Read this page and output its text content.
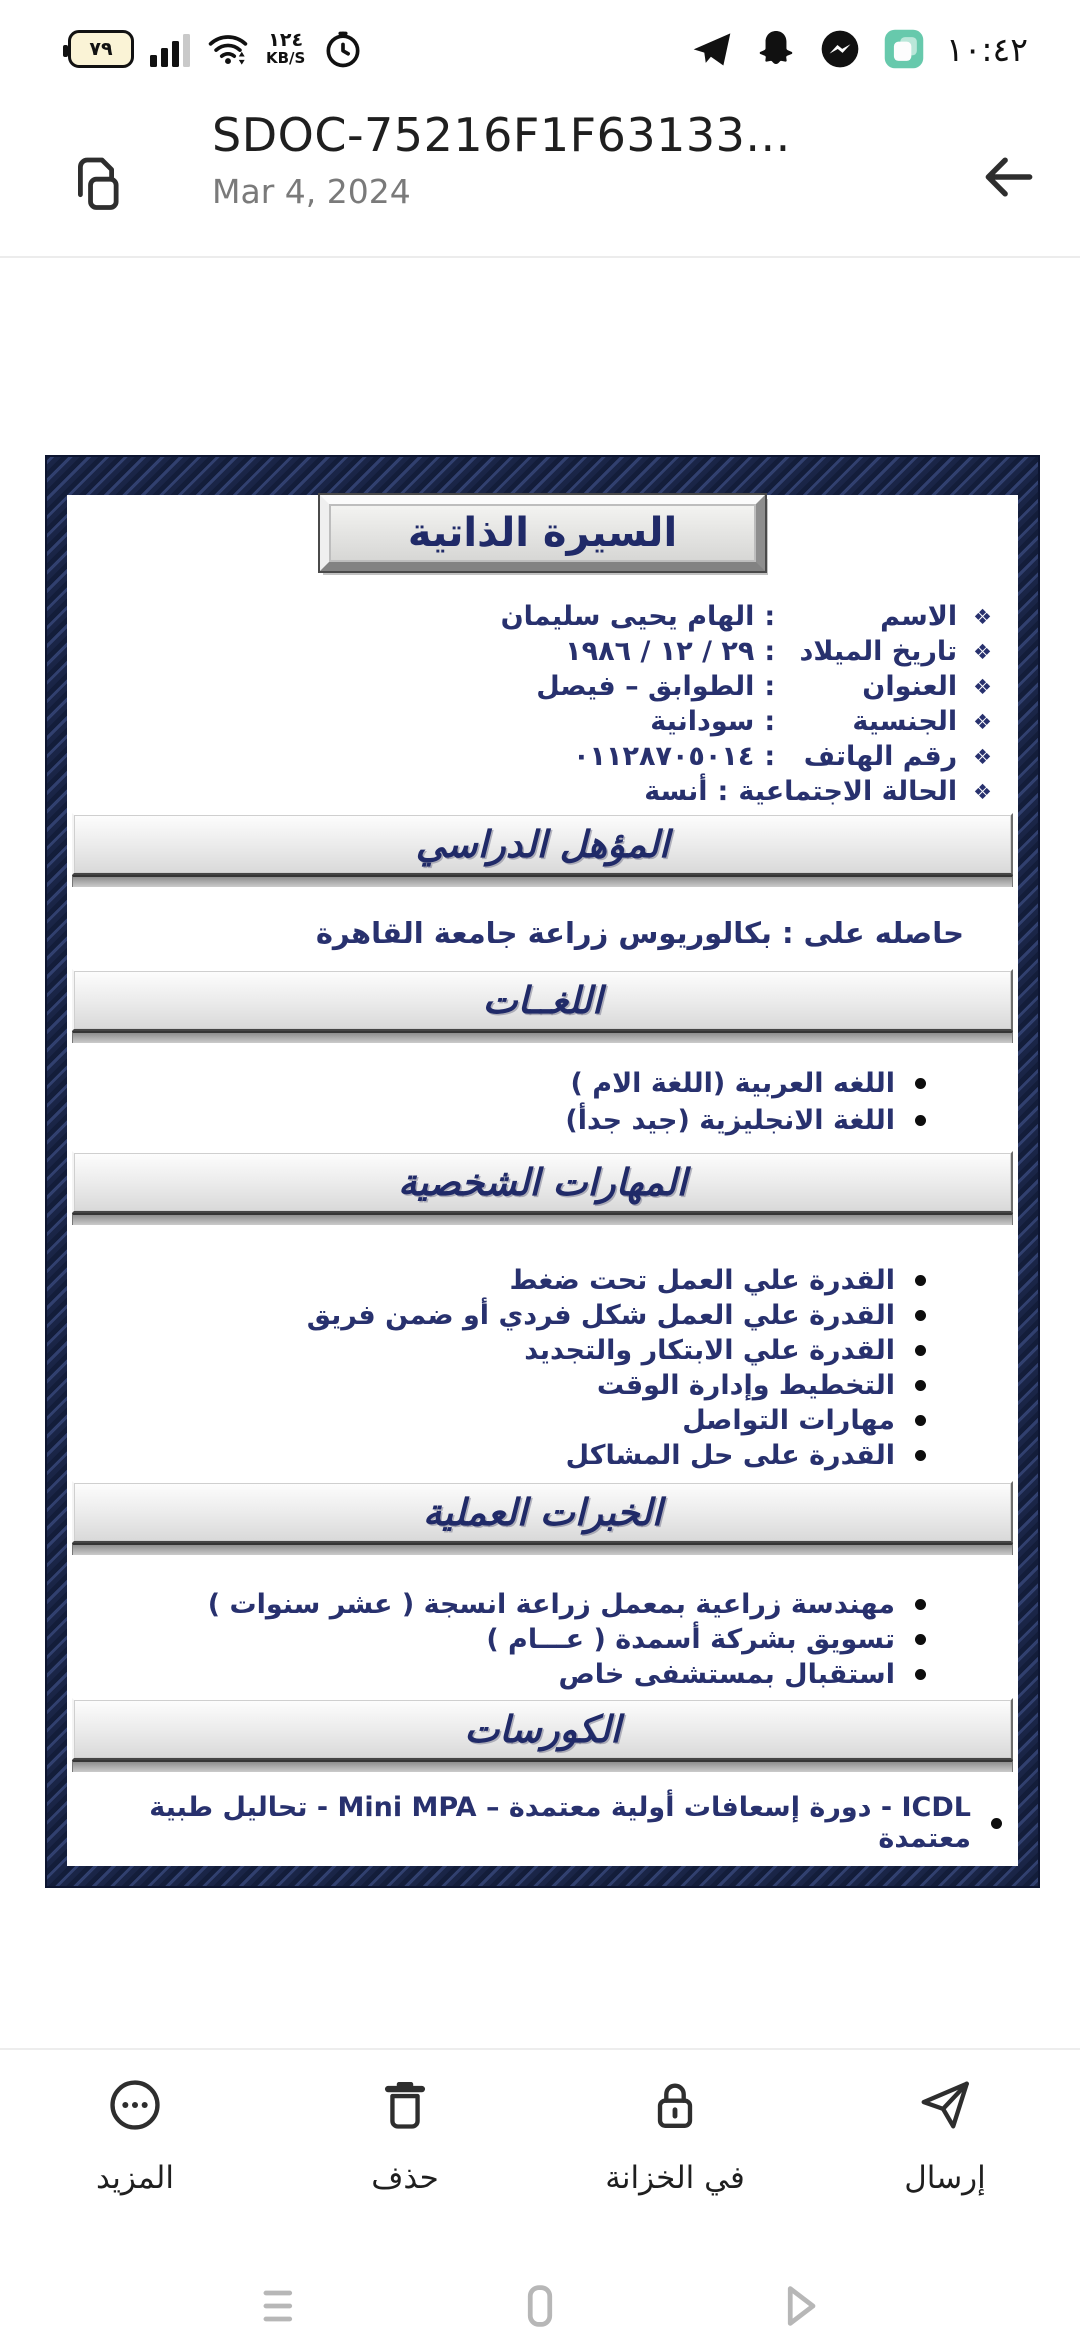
٧٩	١٢٤
KB/S	١٠:٤٢
SDOC-75216F1F63133...
Mar 4, 2024
السيرة الذاتية
❖
الاسم
:
الهام يحيى سليمان
❖
تاريخ الميلاد
:
٢٩ / ١٢ / ١٩٨٦
❖
العنوان
:
الطوابق – فيصل
❖
الجنسية
:
سودانية
❖
رقم الهاتف
:
٠١١٢٨٧٠٥٠١٤
❖
الحالة الاجتماعية
:
أنسة
المؤهل الدراسي
حاصله على : بكالوريوس زراعة جامعة القاهرة
اللغــات
اللغه العربية (اللغة الام )
اللغة الانجليزية (جيد جدأ)
المهارات الشخصية
القدرة علي العمل تحت ضغط
القدرة علي العمل شكل فردي أو ضمن فريق
القدرة علي الابتكار والتجديد
التخطيط وإدارة الوقت
مهارات التواصل
القدرة على حل المشاكل
الخبرات العملية
مهندسة زراعية بمعمل زراعة انسجة ( عشر سنوات )
تسويق بشركة أسمدة ( عـــام )
استقبال بمستشفى خاص
الكورسات
ICDL - دورة إسعافات أولية معتمدة – Mini MPA - تحاليل طبية معتمدة
المزيد	حذف	في الخزانة	إرسال
